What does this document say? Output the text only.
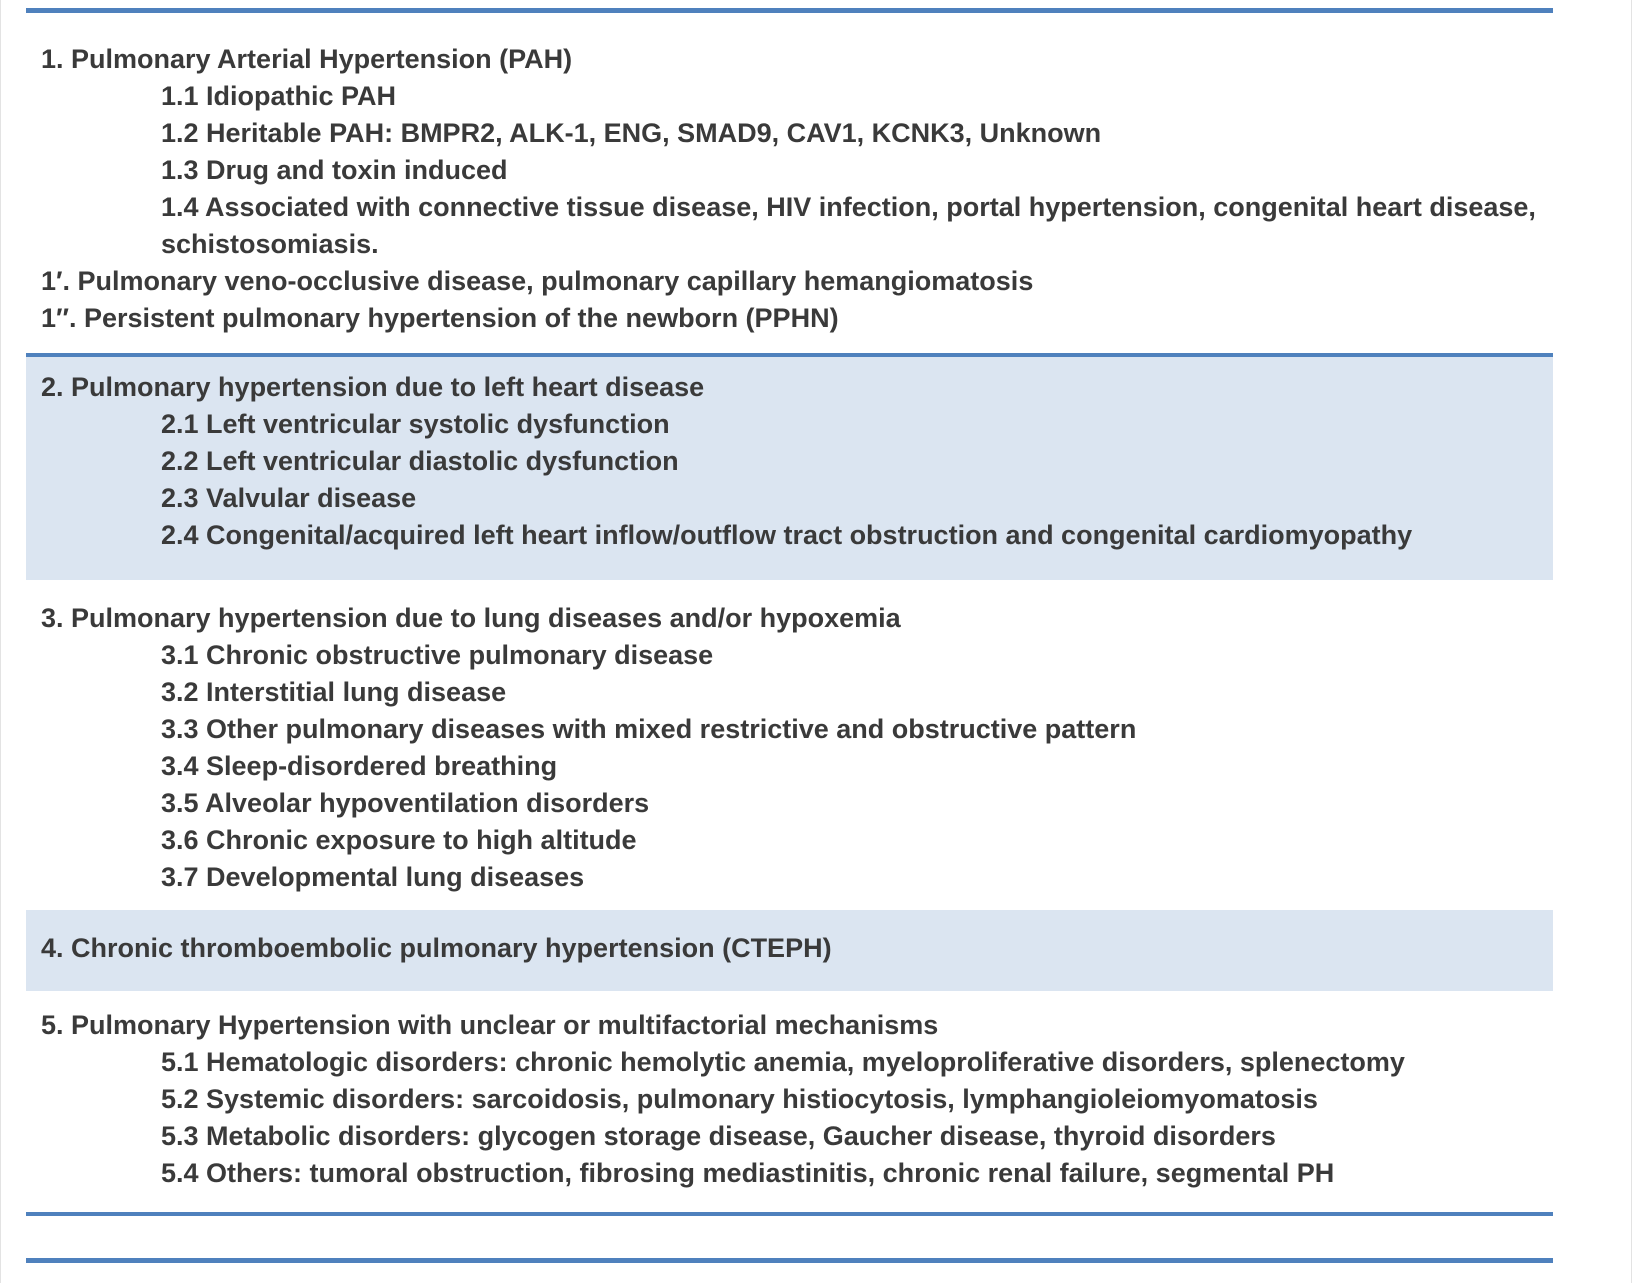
1. Pulmonary Arterial Hypertension (PAH)
1.1 Idiopathic PAH
1.2 Heritable PAH: BMPR2, ALK-1, ENG, SMAD9, CAV1, KCNK3, Unknown
1.3 Drug and toxin induced
1.4 Associated with connective tissue disease, HIV infection, portal hypertension, congenital heart disease, schistosomiasis.
1′. Pulmonary veno-occlusive disease, pulmonary capillary hemangiomatosis
1′′. Persistent pulmonary hypertension of the newborn (PPHN)
2. Pulmonary hypertension due to left heart disease
2.1 Left ventricular systolic dysfunction
2.2 Left ventricular diastolic dysfunction
2.3 Valvular disease
2.4 Congenital/acquired left heart inflow/outflow tract obstruction and congenital cardiomyopathy
3. Pulmonary hypertension due to lung diseases and/or hypoxemia
3.1 Chronic obstructive pulmonary disease
3.2 Interstitial lung disease
3.3 Other pulmonary diseases with mixed restrictive and obstructive pattern
3.4 Sleep-disordered breathing
3.5 Alveolar hypoventilation disorders
3.6 Chronic exposure to high altitude
3.7 Developmental lung diseases
4. Chronic thromboembolic pulmonary hypertension (CTEPH)
5. Pulmonary Hypertension with unclear or multifactorial mechanisms
5.1 Hematologic disorders: chronic hemolytic anemia, myeloproliferative disorders, splenectomy
5.2 Systemic disorders: sarcoidosis, pulmonary histiocytosis, lymphangioleiomyomatosis
5.3 Metabolic disorders: glycogen storage disease, Gaucher disease, thyroid disorders
5.4 Others: tumoral obstruction, fibrosing mediastinitis, chronic renal failure, segmental PH
